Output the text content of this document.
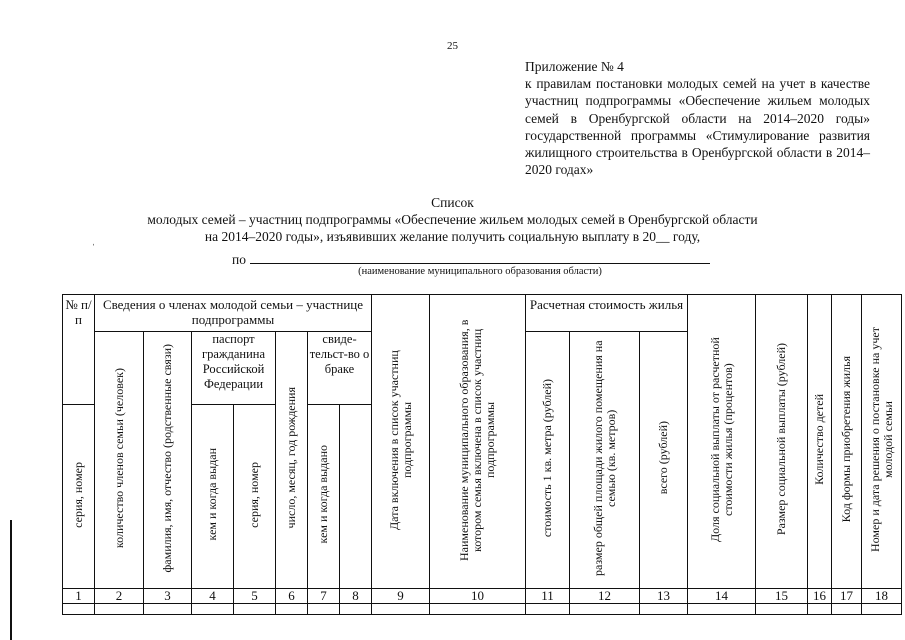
25
Приложение № 4
к правилам постановки молодых семей на учет в качестве участниц подпрограммы «Обеспечение жильем молодых семей в Оренбургской области на 2014–2020 годы» государственной программы «Стимулирование развития жилищного строительства в Оренбургской области в 2014–2020 годах»
Список
молодых семей – участниц подпрограммы «Обеспечение жильем молодых семей в Оренбургской области
на 2014–2020 годы», изъявивших желание получить социальную выплату в 20__ году,
ˌ
по
(наименование муниципального образования области)
№ п/п	Сведения о членах молодой семьи – участнице подпрограммы							Дата включения в список участниц подпрограммы	Наименование муниципального образования, в котором семья включена в список участниц подпрограммы	Расчетная стоимость жилья			Доля социальной выплаты от расчетной стоимости жилья (процентов)	Размер социальной выплаты (рублей)	Количество детей	Код формы приобретения жилья	Номер и дата решения о постановке на учет молодой семьи
	количество членов семьи (человек)	фамилия, имя, отчество (родственные связи)	паспорт гражданина Российской Федерации		число, месяц, год рождения	свиде-тельст-во о браке				стоимость 1 кв. метра (рублей)	размер общей площади жилого помещения на семью (кв. метров)	всего (рублей)					
серия, номер			кем и когда выдан	серия, номер		кем и когда выдано											
1	2	3	4	5	6	7	8	9	10	11	12	13	14	15	16	17	18
